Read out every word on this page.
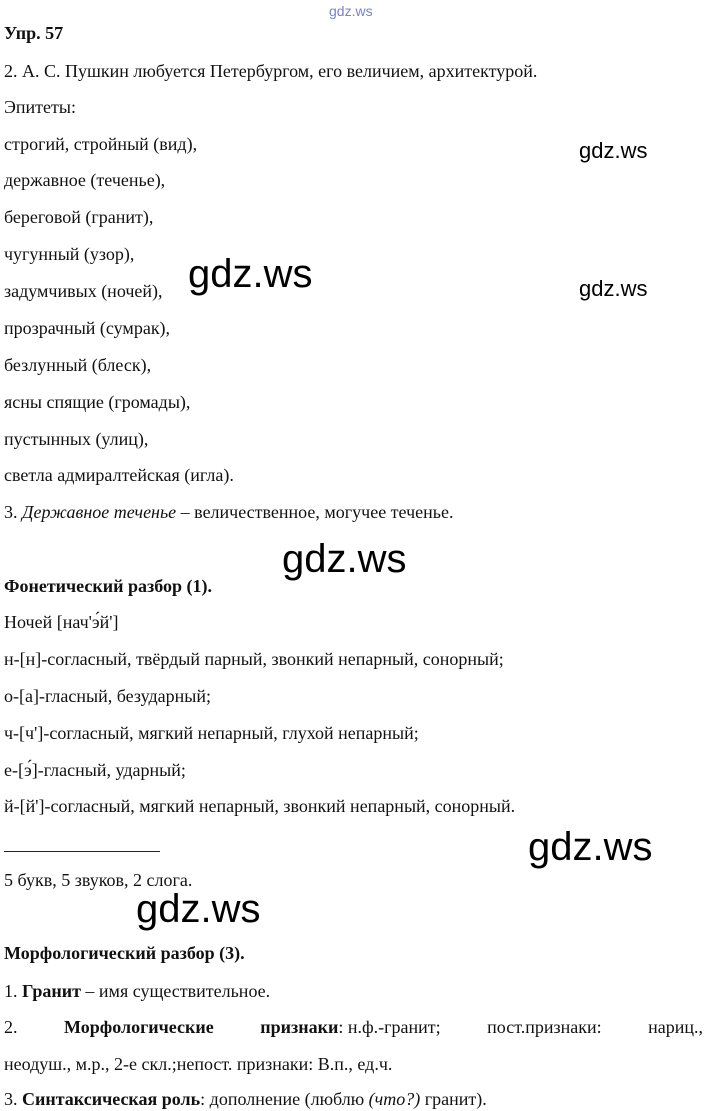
gdz.ws
gdz.ws
gdz.ws
gdz.ws
gdz.ws
gdz.ws
gdz.ws
Упр. 57
2. А. С. Пушкин любуется Петербургом, его величием, архитектурой.
Эпитеты:
строгий, стройный (вид),
державное (теченье),
береговой (гранит),
чугунный (узор),
задумчивых (ночей),
прозрачный (сумрак),
безлунный (блеск),
ясны спящие (громады),
пустынных (улиц),
светла адмиралтейская (игла).
3. Державное теченье – величественное, могучее теченье.
Фонетический разбор (1).
Ночей [нач'э́й']
н-[н]-согласный, твёрдый парный, звонкий непарный, сонорный;
о-[а]-гласный, безударный;
ч-[ч']-согласный, мягкий непарный, глухой непарный;
е-[э́]-гласный, ударный;
й-[й']-согласный, мягкий непарный, звонкий непарный, сонорный.
5 букв, 5 звуков, 2 слога.
Морфологический разбор (3).
1. Гранит – имя существительное.
2.	Морфологические	признаки: н.ф.-гранит;	пост.признаки:	нариц.,
неодуш., м.р., 2-е скл.;непост. признаки: В.п., ед.ч.
3. Синтаксическая роль: дополнение (люблю (что?) гранит).
